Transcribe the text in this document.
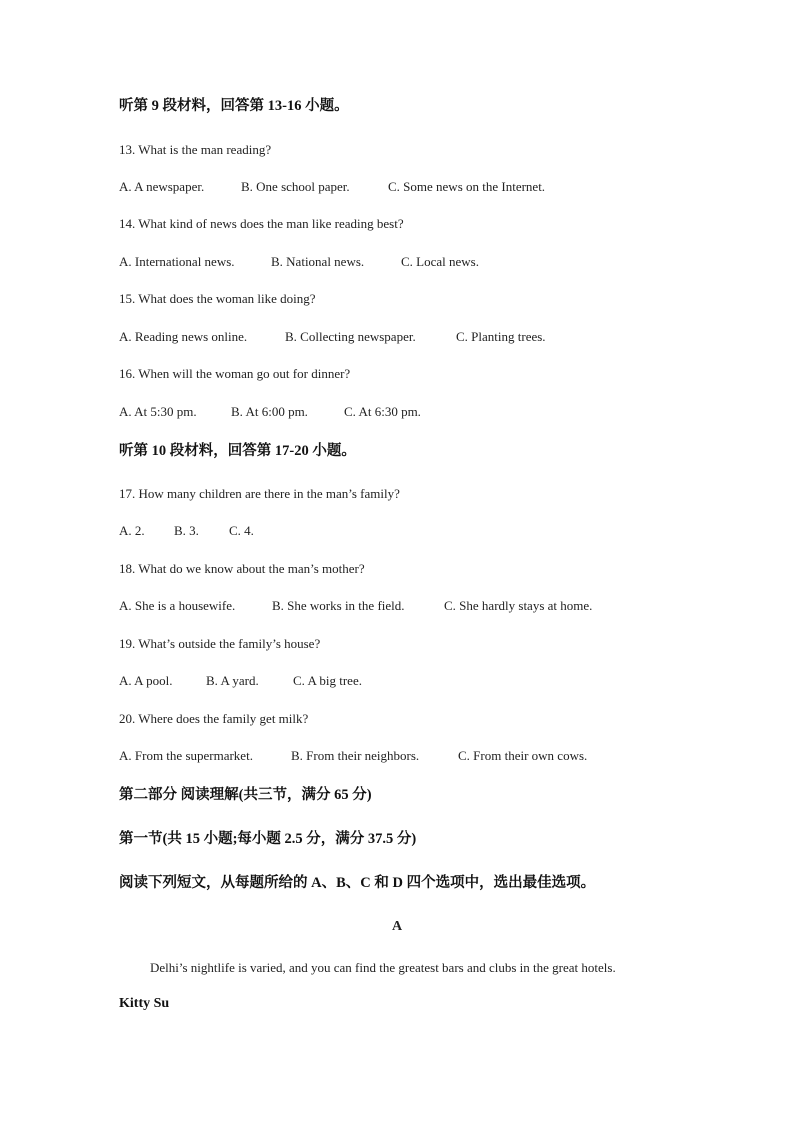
听第 9 段材料，回答第 13-16 小题。
13. What is the man reading?
A. A newspaper.	B. One school paper.	C. Some news on the Internet.
14. What kind of news does the man like reading best?
A. International news.	B. National news.	C. Local news.
15. What does the woman like doing?
A. Reading news online.	B. Collecting newspaper.	C. Planting trees.
16. When will the woman go out for dinner?
A. At 5:30 pm.	B. At 6:00 pm.	C. At 6:30 pm.
听第 10 段材料，回答第 17-20 小题。
17. How many children are there in the man’s family?
A. 2. B. 3. C. 4.
18. What do we know about the man’s mother?
A. She is a housewife.	B. She works in the field.	C. She hardly stays at home.
19. What’s outside the family’s house?
A. A pool.	B. A yard.	C. A big tree.
20. Where does the family get milk?
A. From the supermarket.	B. From their neighbors.	C. From their own cows.
第二部分 阅读理解(共三节，满分 65 分)
第一节(共 15 小题;每小题 2.5 分，满分 37.5 分)
阅读下列短文，从每题所给的 A、B、C 和 D 四个选项中，选出最佳选项。
A
Delhi’s nightlife is varied, and you can find the greatest bars and clubs in the great hotels.
Kitty Su
